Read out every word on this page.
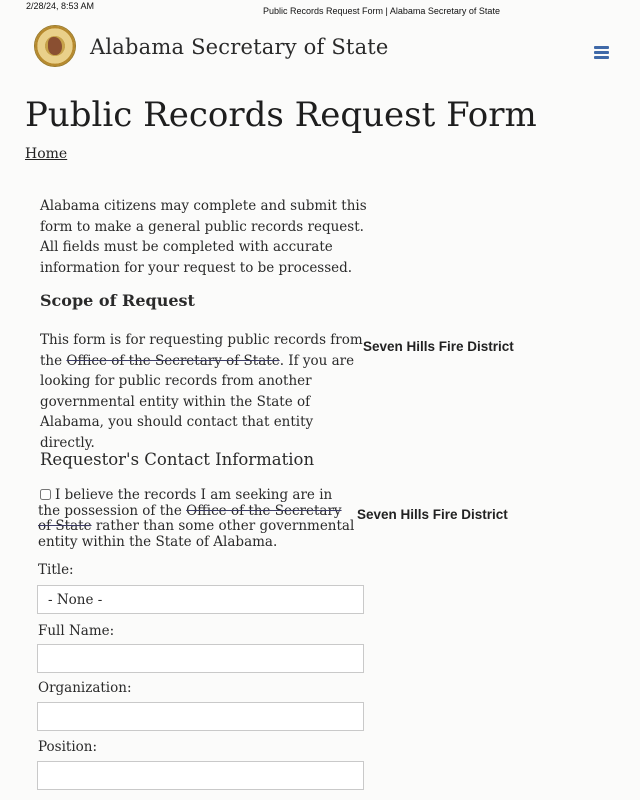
2/28/24, 8:53 AM	Public Records Request Form | Alabama Secretary of State
Alabama Secretary of State
Public Records Request Form
Home

Alabama citizens may complete and submit this form to make a general public records request. All fields must be completed with accurate information for your request to be processed.

Scope of Request

This form is for requesting public records from the Office of the Secretary of State. If you are looking for public records from another governmental entity within the State of Alabama, you should contact that entity directly.

Seven Hills Fire District
Requestor's Contact Information
I believe the records I am seeking are in the possession of the Office of the Secretary of State rather than some other governmental entity within the State of Alabama.
Seven Hills Fire District
Title:
- None -
Full Name:
Organization:
Position:
